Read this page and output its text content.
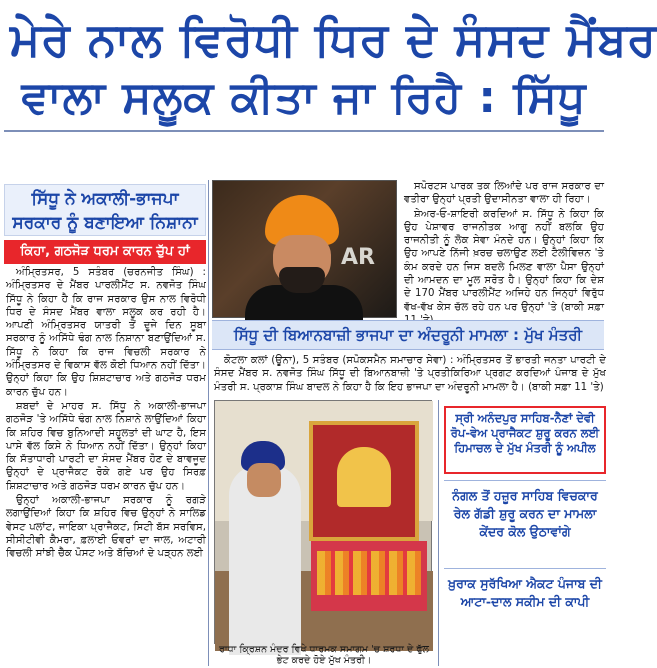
ਮੇਰੇ ਨਾਲ ਵਿਰੋਧੀ ਧਿਰ ਦੇ ਸੰਸਦ ਮੈਂਬਰ
ਵਾਲਾ ਸਲੂਕ ਕੀਤਾ ਜਾ ਰਿਹੈ : ਸਿੱਧੂ
ਸਿੱਧੂ ਨੇ ਅਕਾਲੀ-ਭਾਜਪਾ
ਸਰਕਾਰ ਨੂੰ ਬਣਾਇਆ ਨਿਸ਼ਾਨਾ
ਕਿਹਾ, ਗਠਜੋੜ ਧਰਮ ਕਾਰਨ ਚੁੱਪ ਹਾਂ

ਅੰਮ੍ਰਿਤਸਰ, 5 ਸਤੰਬਰ (ਚਰਨਜੀਤ ਸਿੰਘ) : ਅੰਮ੍ਰਿਤਸਰ ਦੇ ਮੈਂਬਰ ਪਾਰਲੀਮੈਂਟ ਸ. ਨਵਜੋਤ ਸਿੰਘ ਸਿੱਧੂ ਨੇ ਕਿਹਾ ਹੈ ਕਿ ਰਾਜ ਸਰਕਾਰ ਉਸ ਨਾਲ ਵਿਰੋਧੀ ਧਿਰ ਦੇ ਸੰਸਦ ਮੈਂਬਰ ਵਾਲਾ ਸਲੂਕ ਕਰ ਰਹੀ ਹੈ। ਆਪਣੀ ਅੰਮ੍ਰਿਤਸਰ ਯਾਤਰੀ ਤੋਂ ਦੂਜੇ ਦਿਨ ਸੂਬਾ ਸਰਕਾਰ ਨੂੰ ਅਸਿੱਧੇ ਢੰਗ ਨਾਲ ਨਿਸ਼ਾਨਾ ਬਣਾਉਂਦਿਆਂ ਸ. ਸਿੱਧੂ ਨੇ ਕਿਹਾ ਕਿ ਰਾਜ ਵਿਚਲੀ ਸਰਕਾਰ ਨੇ ਅੰਮ੍ਰਿਤਸਰ ਦੇ ਵਿਕਾਸ ਵੱਲ ਕੋਈ ਧਿਆਨ ਨਹੀਂ ਦਿੱਤਾ। ਉਨ੍ਹਾਂ ਕਿਹਾ ਕਿ ਉਹ ਸ਼ਿਸ਼ਟਾਚਾਰ ਅਤੇ ਗਠਜੋੜ ਧਰਮ ਕਾਰਨ ਚੁੱਪ ਹਨ।

ਸ਼ਬਦਾਂ ਦੇ ਮਾਹਰ ਸ. ਸਿੱਧੂ ਨੇ ਅਕਾਲੀ-ਭਾਜਪਾ ਗਠਜੋੜ 'ਤੇ ਅਸਿੱਧੇ ਢੰਗ ਨਾਲ ਨਿਸ਼ਾਨੇ ਲਾਉਂਦਿਆਂ ਕਿਹਾ ਕਿ ਸ਼ਹਿਰ ਵਿਚ ਬੁਨਿਆਦੀ ਸਹੂਲਤਾਂ ਦੀ ਘਾਟ ਹੈ, ਇਸ ਪਾਸੇ ਵੱਲ ਕਿਸੇ ਨੇ ਧਿਆਨ ਨਹੀਂ ਦਿੱਤਾ। ਉਨ੍ਹਾਂ ਕਿਹਾ ਕਿ ਸੱਤਾਧਾਰੀ ਪਾਰਟੀ ਦਾ ਸੰਸਦ ਮੈਂਬਰ ਹੋਣ ਦੇ ਬਾਵਜੂਦ ਉਨ੍ਹਾਂ ਦੇ ਪ੍ਰਾਜੈਕਟ ਰੋਕੇ ਗਏ ਪਰ ਉਹ ਸਿਰਫ਼ ਸ਼ਿਸ਼ਟਾਚਾਰ ਅਤੇ ਗਠਜੋੜ ਧਰਮ ਕਾਰਨ ਚੁੱਪ ਹਨ।

ਉਨ੍ਹਾਂ ਅਕਾਲੀ-ਭਾਜਪਾ ਸਰਕਾਰ ਨੂੰ ਰਗੜੇ ਲਗਾਉਂਦਿਆਂ ਕਿਹਾ ਕਿ ਸ਼ਹਿਰ ਵਿਚ ਉਨ੍ਹਾਂ ਨੇ ਸਾਲਿਡ ਵੇਸਟ ਪਲਾਂਟ, ਜਾਇਕਾ ਪ੍ਰਾਜੈਕਟ, ਸਿਟੀ ਬੱਸ ਸਰਵਿਸ, ਸੀਸੀਟੀਵੀ ਕੈਮਰਾ, ਫ਼ਲਾਈ ਓਵਰਾਂ ਦਾ ਜਾਲ, ਅਟਾਰੀ ਵਿਚਲੀ ਸਾਂਝੀ ਚੈੱਕ ਪੋਸਟ ਅਤੇ ਬੱਚਿਆਂ ਦੇ ਪੜ੍ਹਨ ਲਈ

AR

ਸਪੋਰਟਸ ਪਾਰਕ ਤਕ ਲਿਆਂਦੇ ਪਰ ਰਾਜ ਸਰਕਾਰ ਦਾ ਵਤੀਰਾ ਉਨ੍ਹਾਂ ਪ੍ਰਤੀ ਉਦਾਸੀਨਤਾ ਵਾਲਾ ਹੀ ਰਿਹਾ।

ਸ਼ੇਅਰ-ਓ-ਸ਼ਾਇਰੀ ਕਰਦਿਆਂ ਸ. ਸਿੱਧੂ ਨੇ ਕਿਹਾ ਕਿ ਉਹ ਪੇਸ਼ਾਵਰ ਰਾਜਨੀਤਕ ਆਗੂ ਨਹੀਂ ਬਲਕਿ ਉਹ ਰਾਜਨੀਤੀ ਨੂੰ ਲੋਕ ਸੇਵਾ ਮੰਨਦੇ ਹਨ। ਉਨ੍ਹਾਂ ਕਿਹਾ ਕਿ ਉਹ ਆਪਣੇ ਨਿੱਜੀ ਖ਼ਰਚ ਚਲਾਉਣ ਲਈ ਟੈਲੀਵਿਜ਼ਨ 'ਤੇ ਕੰਮ ਕਰਦੇ ਹਨ ਜਿਸ ਬਦਲੇ ਮਿਲਣ ਵਾਲਾ ਪੈਸਾ ਉਨ੍ਹਾਂ ਦੀ ਆਮਦਨ ਦਾ ਮੂਲ ਸਰੋਤ ਹੈ। ਉਨ੍ਹਾਂ ਕਿਹਾ ਕਿ ਦੇਸ਼ ਦੇ 170 ਮੈਂਬਰ ਪਾਰਲੀਮੈਂਟ ਅਜਿਹੇ ਹਨ ਜਿਨ੍ਹਾਂ ਵਿਰੁੱਧ ਵੱਖ-ਵੱਖ ਕੇਸ ਚੱਲ ਰਹੇ ਹਨ ਪਰ ਉਨ੍ਹਾਂ 'ਤੇ (ਬਾਕੀ ਸਫ਼ਾ

ਸਿੱਧੂ ਦੀ ਬਿਆਨਬਾਜ਼ੀ ਭਾਜਪਾ ਦਾ ਅੰਦਰੂਨੀ ਮਾਮਲਾ : ਮੁੱਖ ਮੰਤਰੀ

ਕੋਟਲਾ ਕਲਾਂ (ਊਨਾ), 5 ਸਤੰਬਰ (ਸਪੋਕਸਮੈਨ ਸਮਾਚਾਰ ਸੇਵਾ) : ਅੰਮ੍ਰਿਤਸਰ ਤੋਂ ਭਾਰਤੀ ਜਨਤਾ ਪਾਰਟੀ ਦੇ ਸੰਸਦ ਮੈਂਬਰ ਸ. ਨਵਜੋਤ ਸਿੰਘ ਸਿੱਧੂ ਦੀ ਬਿਆਨਬਾਜ਼ੀ 'ਤੇ ਪ੍ਰਤੀਕਿਰਿਆ ਪ੍ਰਗਟ ਕਰਦਿਆਂ ਪੰਜਾਬ ਦੇ ਮੁੱਖ ਮੰਤਰੀ ਸ. ਪ੍ਰਕਾਸ਼ ਸਿੰਘ ਬਾਦਲ ਨੇ ਕਿਹਾ ਹੈ ਕਿ ਇਹ ਭਾਜਪਾ ਦਾ ਅੰਦਰੂਨੀ ਮਾਮਲਾ ਹੈ। (ਬਾਕੀ ਸਫ਼ਾ 11 'ਤੇ)

ਰਾਧਾ ਕ੍ਰਿਸ਼ਨ ਮੰਦਰ ਵਿਖੇ ਧਾਰਮਕ ਸਮਾਗਮ 'ਚ ਸ਼ਰਧਾ ਦੇ ਫੁੱਲ ਭੇਟ ਕਰਦੇ ਹੋਏ ਮੁੱਖ ਮੰਤਰੀ।
ਸ੍ਰੀ ਅਨੰਦਪੁਰ ਸਾਹਿਬ-ਨੈਣਾਂ ਦੇਵੀ ਰੋਪ-ਵੇਅ ਪ੍ਰਾਜੈਕਟ ਸ਼ੁਰੂ ਕਰਨ ਲਈ ਹਿਮਾਚਲ ਦੇ ਮੁੱਖ ਮੰਤਰੀ ਨੂੰ ਅਪੀਲ
ਨੰਗਲ ਤੋਂ ਹਜ਼ੂਰ ਸਾਹਿਬ ਵਿਚਕਾਰ ਰੇਲ ਗੱਡੀ ਸ਼ੁਰੂ ਕਰਨ ਦਾ ਮਾਮਲਾ ਕੇਂਦਰ ਕੋਲ ਉਠਾਵਾਂਗੇ
ਖ਼ੁਰਾਕ ਸੁਰੱਖਿਆ ਐਕਟ ਪੰਜਾਬ ਦੀ ਆਟਾ-ਦਾਲ ਸਕੀਮ ਦੀ ਕਾਪੀ
